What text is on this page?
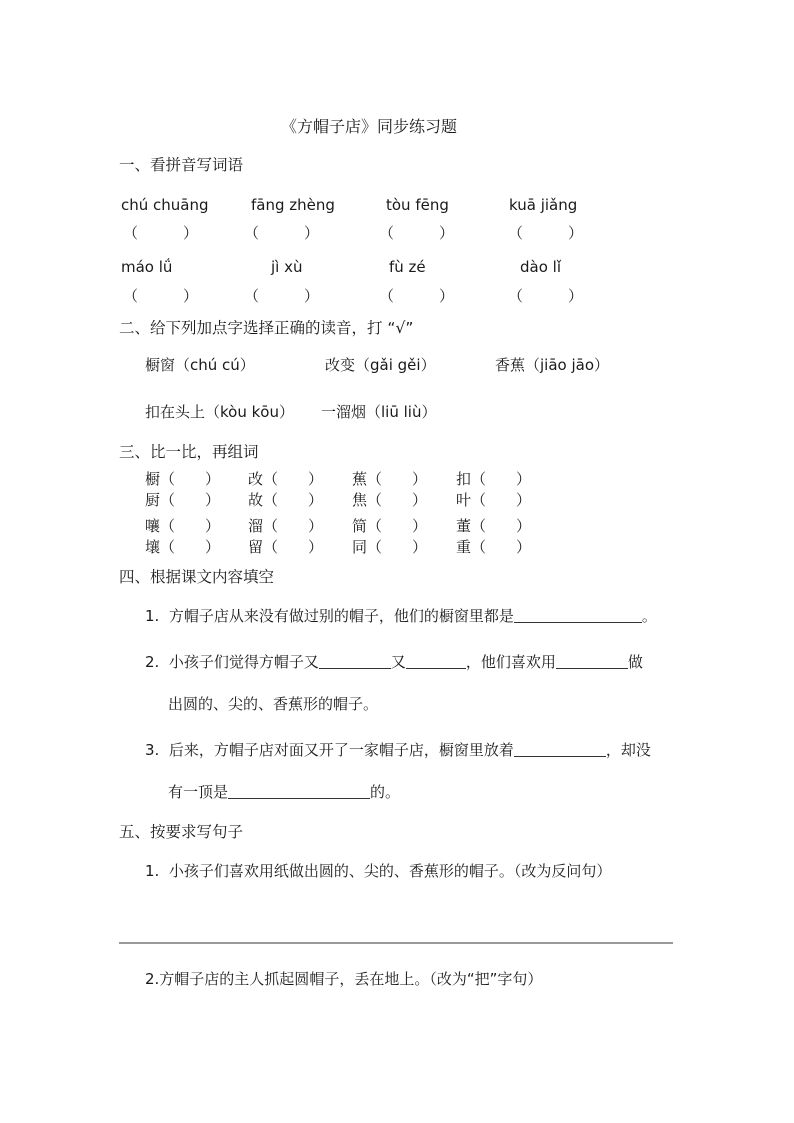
《方帽子店》同步练习题
一、看拼音写词语
chú chuāng	fāng zhèng	tòu fēng	kuā jiǎng
（　　　）	（　　　）	（　　　）	（　　　）
máo lǘ	jì xù	fù zé	dào lǐ
（　　　）	（　　　）	（　　　）	（　　　）
二、给下列加点字选择正确的读音，打 “√”
橱窗（chú cú）	改变（gǎi gěi）	香蕉（jiāo jāo）
扣在头上（kòu kōu） 一溜烟（liū liù）
三、比一比，再组词
橱（　　） 改（　　） 蕉（　　） 扣（　　）
厨（　　） 故（　　） 焦（　　） 叶（　　）
嚷（　　） 溜（　　） 简（　　） 董（　　）
壤（　　） 留（　　） 同（　　） 重（　　）
四、根据课文内容填空
1. 方帽子店从来没有做过别的帽子，他们的橱窗里都是	。
2. 小孩子们觉得方帽子又	又	，他们喜欢用	做
出圆的、尖的、香蕉形的帽子。
3. 后来，方帽子店对面又开了一家帽子店，橱窗里放着	，却没
有一顶是	的。
五、按要求写句子
1. 小孩子们喜欢用纸做出圆的、尖的、香蕉形的帽子。（改为反问句）
2.方帽子店的主人抓起圆帽子，丢在地上。（改为“把”字句）
